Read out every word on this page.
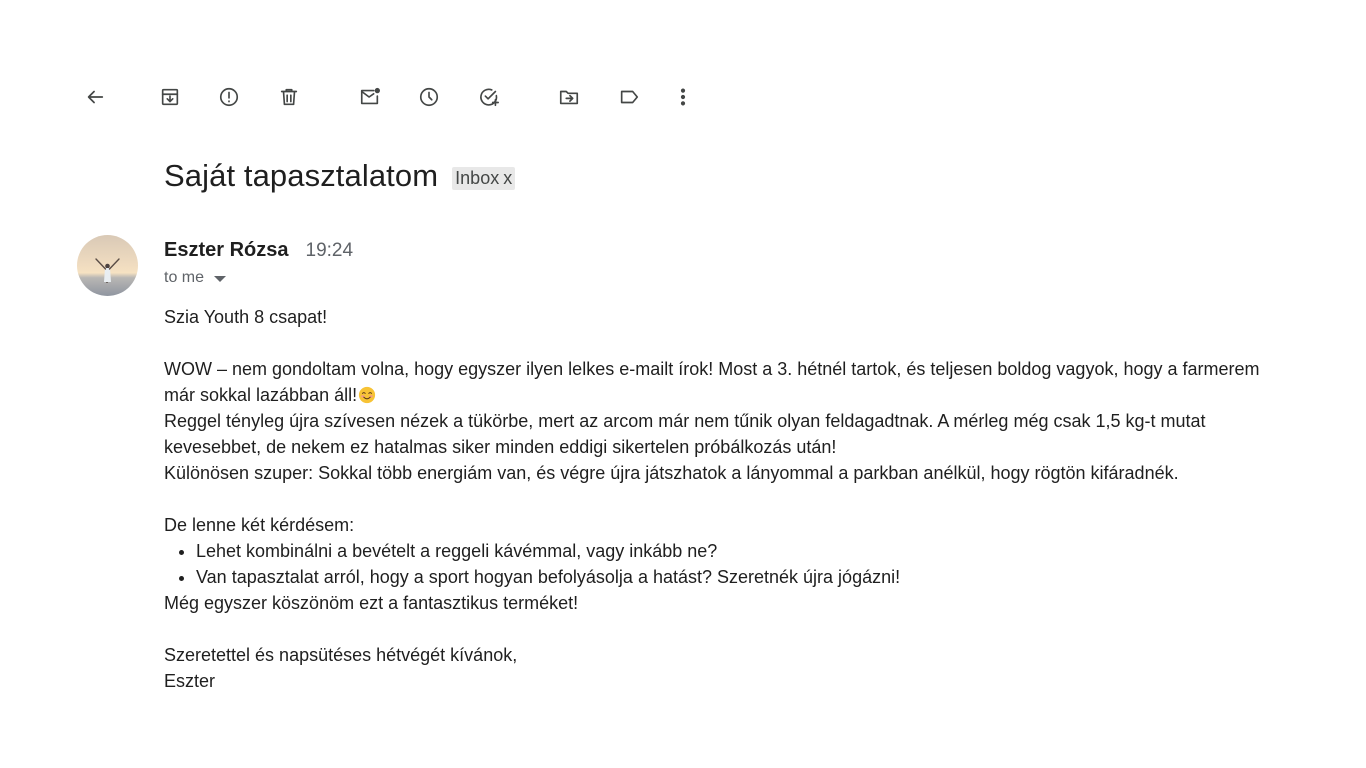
Saját tapasztalatom Inbox x
Eszter Rózsa 19:24
to me

Szia Youth 8 csapat!

WOW – nem gondoltam volna, hogy egyszer ilyen lelkes e-mailt írok! Most a 3. hétnél tartok, és teljesen boldog vagyok, hogy a farmerem már sokkal lazábban áll!

Reggel tényleg újra szívesen nézek a tükörbe, mert az arcom már nem tűnik olyan feldagadtnak. A mérleg még csak 1,5 kg-t mutat kevesebbet, de nekem ez hatalmas siker minden eddigi sikertelen próbálkozás után!

Különösen szuper: Sokkal több energiám van, és végre újra játszhatok a lányommal a parkban anélkül, hogy rögtön kifáradnék.

De lenne két kérdésem:

• Lehet kombinálni a bevételt a reggeli kávémmal, vagy inkább ne?
• Van tapasztalat arról, hogy a sport hogyan befolyásolja a hatást? Szeretnék újra jógázni!

Még egyszer köszönöm ezt a fantasztikus terméket!

Szeretettel és napsütéses hétvégét kívánok,

Eszter
